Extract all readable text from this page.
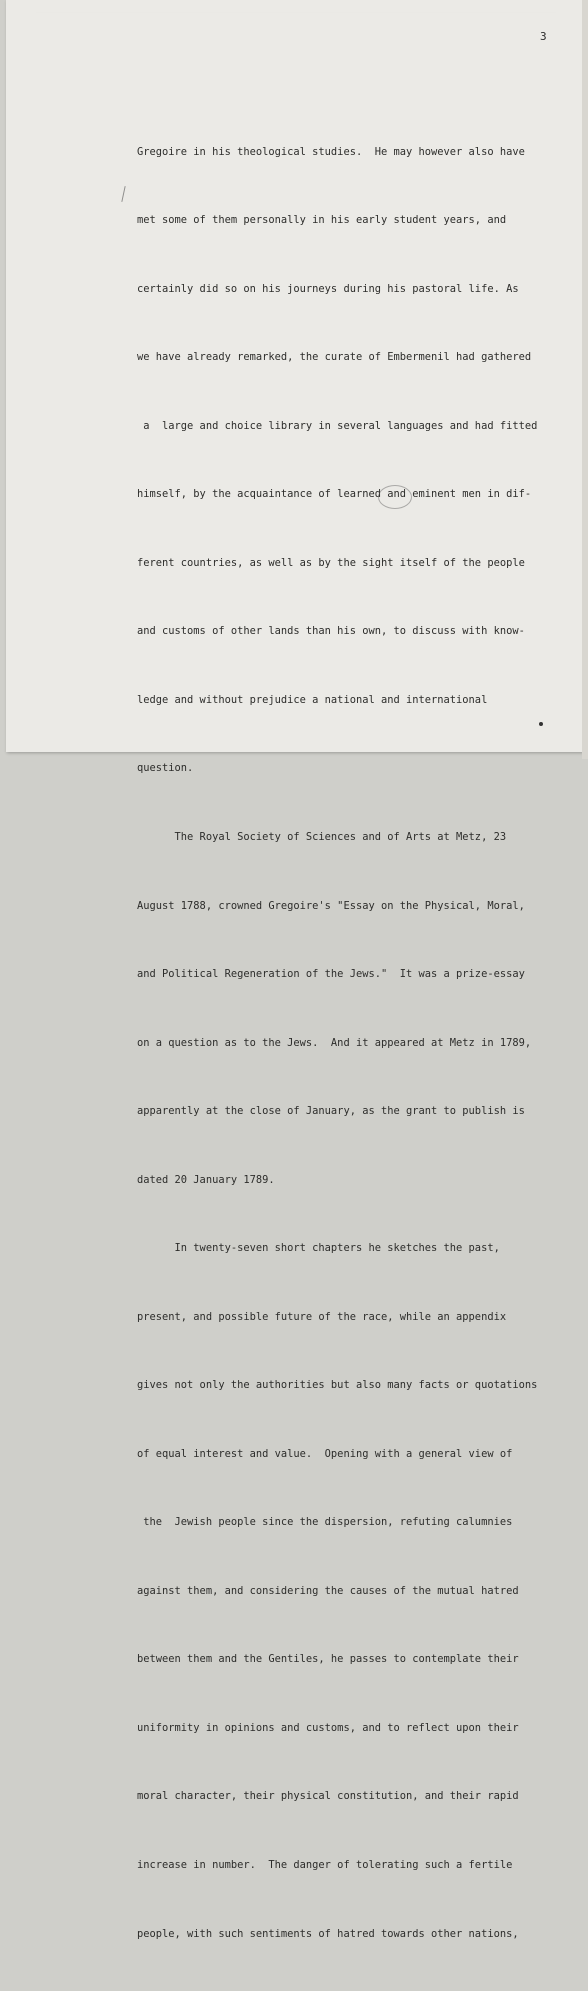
3

Gregoire in his theological studies.  He may however also have

met some of them personally in his early student years, and

certainly did so on his journeys during his pastoral life. As

we have already remarked, the curate of Embermenil had gathered

a  large and choice library in several languages and had fitted

himself, by the acquaintance of learned and eminent men in dif-

ferent countries, as well as by the sight itself of the people

and customs of other lands than his own, to discuss with know-

ledge and without prejudice a national and international

question.

The Royal Society of Sciences and of Arts at Metz, 23

August 1788, crowned Gregoire's "Essay on the Physical, Moral,

and Political Regeneration of the Jews."  It was a prize-essay

on a question as to the Jews.  And it appeared at Metz in 1789,

apparently at the close of January, as the grant to publish is

dated 20 January 1789.

In twenty-seven short chapters he sketches the past,

present, and possible future of the race, while an appendix

gives not only the authorities but also many facts or quotations

of equal interest and value.  Opening with a general view of

the  Jewish people since the dispersion, refuting calumnies

against them, and considering the causes of the mutual hatred

between them and the Gentiles, he passes to contemplate their

uniformity in opinions and customs, and to reflect upon their

moral character, their physical constitution, and their rapid

increase in number.  The danger of tolerating such a fertile

people, with such sentiments of hatred towards other nations,
